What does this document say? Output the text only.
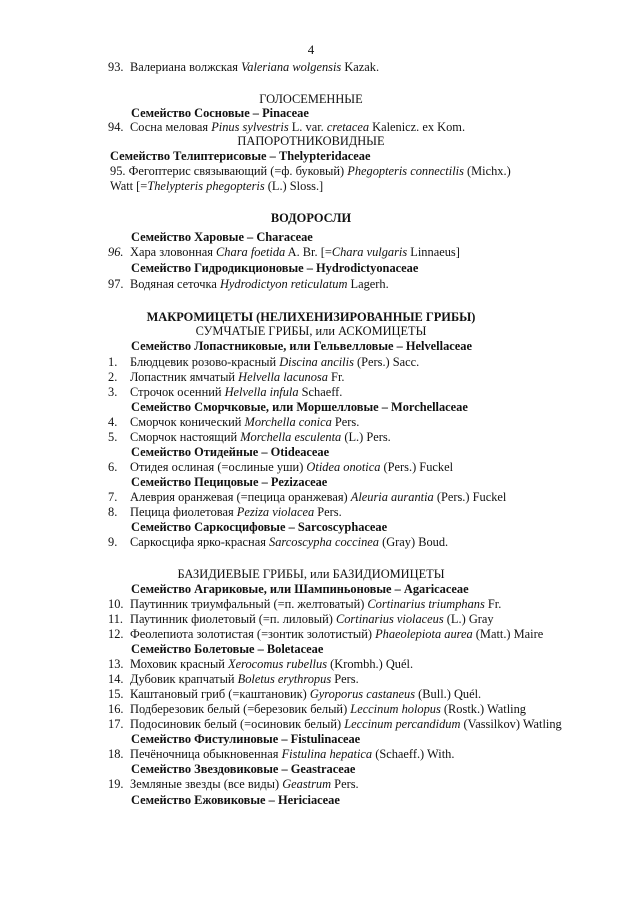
4
93. Валериана волжская Valeriana wolgensis Kazak.
ГОЛОСЕМЕННЫЕ
Семейство Сосновые – Pinaceae
94. Сосна меловая Pinus sylvestris L. var. cretacea Kalenicz. ex Kom.
ПАПОРОТНИКОВИДНЫЕ
Семейство Телиптерисовые – Thelypteridaceae
95. Фегоптерис связывающий (=ф. буковый) Phegopteris connectilis (Michx.)
Watt [=Thelypteris phegopteris (L.) Sloss.]
ВОДОРОСЛИ
Семейство Харовые – Characeae
96. Хара зловонная Chara foetida A. Br. [=Chara vulgaris Linnaeus]
Семейство Гидродикционовые – Hydrodictyonaceae
97. Водяная сеточка Hydrodictyon reticulatum Lagerh.
МАКРОМИЦЕТЫ (НЕЛИХЕНИЗИРОВАННЫЕ ГРИБЫ)
СУМЧАТЫЕ ГРИБЫ, или АСКОМИЦЕТЫ
Семейство Лопастниковые, или Гельвелловые – Helvellaceae
1. Блюдцевик розово-красный Discina ancilis (Pers.) Sacc.
2. Лопастник ямчатый Helvella lacunosa Fr.
3. Строчок осенний Helvella infula Schaeff.
Семейство Сморчковые, или Моршелловые – Morchellaceae
4. Сморчок конический Morchella conica Pers.
5. Сморчок настоящий Morchella esculenta (L.) Pers.
Семейство Отидейные – Otideaceae
6. Отидея ослиная (=ослиные уши) Otidea onotica (Pers.) Fuckel
Семейство Пецицовые – Pezizaceae
7. Алеврия оранжевая (=пецица оранжевая) Aleuria aurantia (Pers.) Fuckel
8. Пецица фиолетовая Peziza violacea Pers.
Семейство Саркосцифовые – Sarcoscyphaceae
9. Саркосцифа ярко-красная Sarcoscypha coccinea (Gray) Boud.
БАЗИДИЕВЫЕ ГРИБЫ, или БАЗИДИОМИЦЕТЫ
Семейство Агариковые, или Шампиньоновые – Agaricaceae
10. Паутинник триумфальный (=п. желтоватый) Cortinarius triumphans Fr.
11. Паутинник фиолетовый (=п. лиловый) Cortinarius violaceus (L.) Gray
12. Феолепиота золотистая (=зонтик золотистый) Phaeolepiota aurea (Matt.) Maire
Семейство Болетовые – Boletaceae
13. Моховик красный Xerocomus rubellus (Krombh.) Quél.
14. Дубовик крапчатый Boletus erythropus Pers.
15. Каштановый гриб (=каштановик) Gyroporus castaneus (Bull.) Quél.
16. Подберезовик белый (=березовик белый) Leccinum holopus (Rostk.) Watling
17. Подосиновик белый (=осиновик белый) Leccinum percandidum (Vassilkov) Watling
Семейство Фистулиновые – Fistulinaceae
18. Печёночница обыкновенная Fistulina hepatica (Schaeff.) With.
Семейство Звездовиковые – Geastraceae
19. Земляные звезды (все виды) Geastrum Pers.
Семейство Ежовиковые – Hericiaceae
